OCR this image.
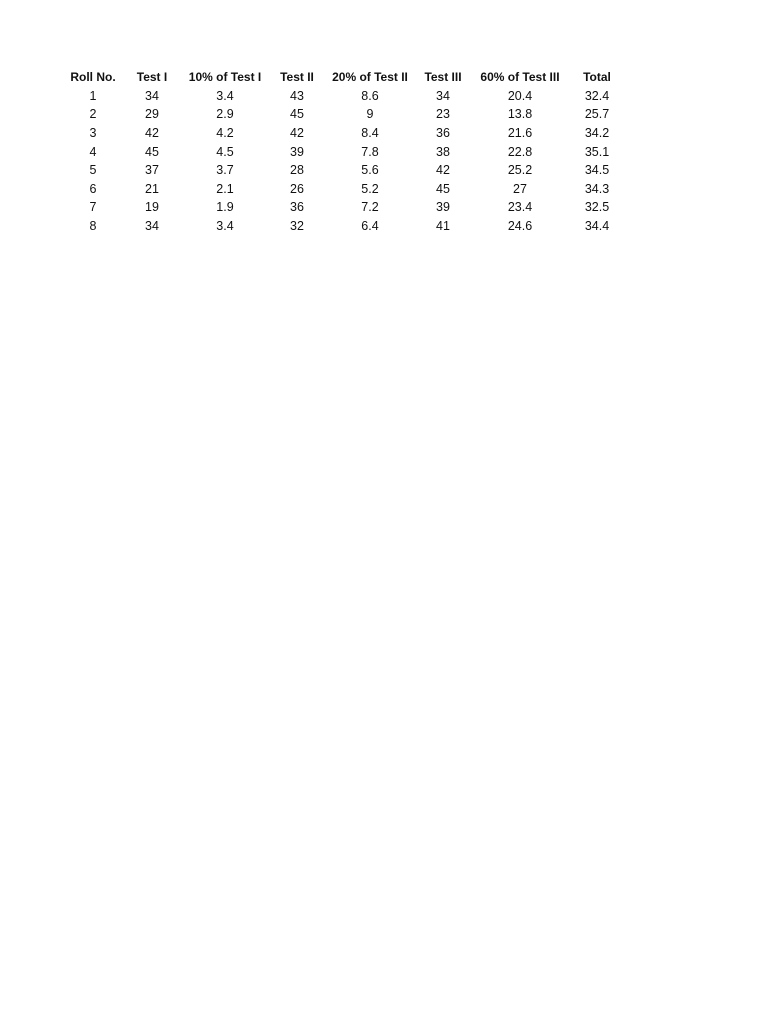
Roll No.	Test I	10% of Test I	Test II	20% of Test II	Test III	60% of Test III	Total
1	34	3.4	43	8.6	34	20.4	32.4
2	29	2.9	45	9	23	13.8	25.7
3	42	4.2	42	8.4	36	21.6	34.2
4	45	4.5	39	7.8	38	22.8	35.1
5	37	3.7	28	5.6	42	25.2	34.5
6	21	2.1	26	5.2	45	27	34.3
7	19	1.9	36	7.2	39	23.4	32.5
8	34	3.4	32	6.4	41	24.6	34.4
